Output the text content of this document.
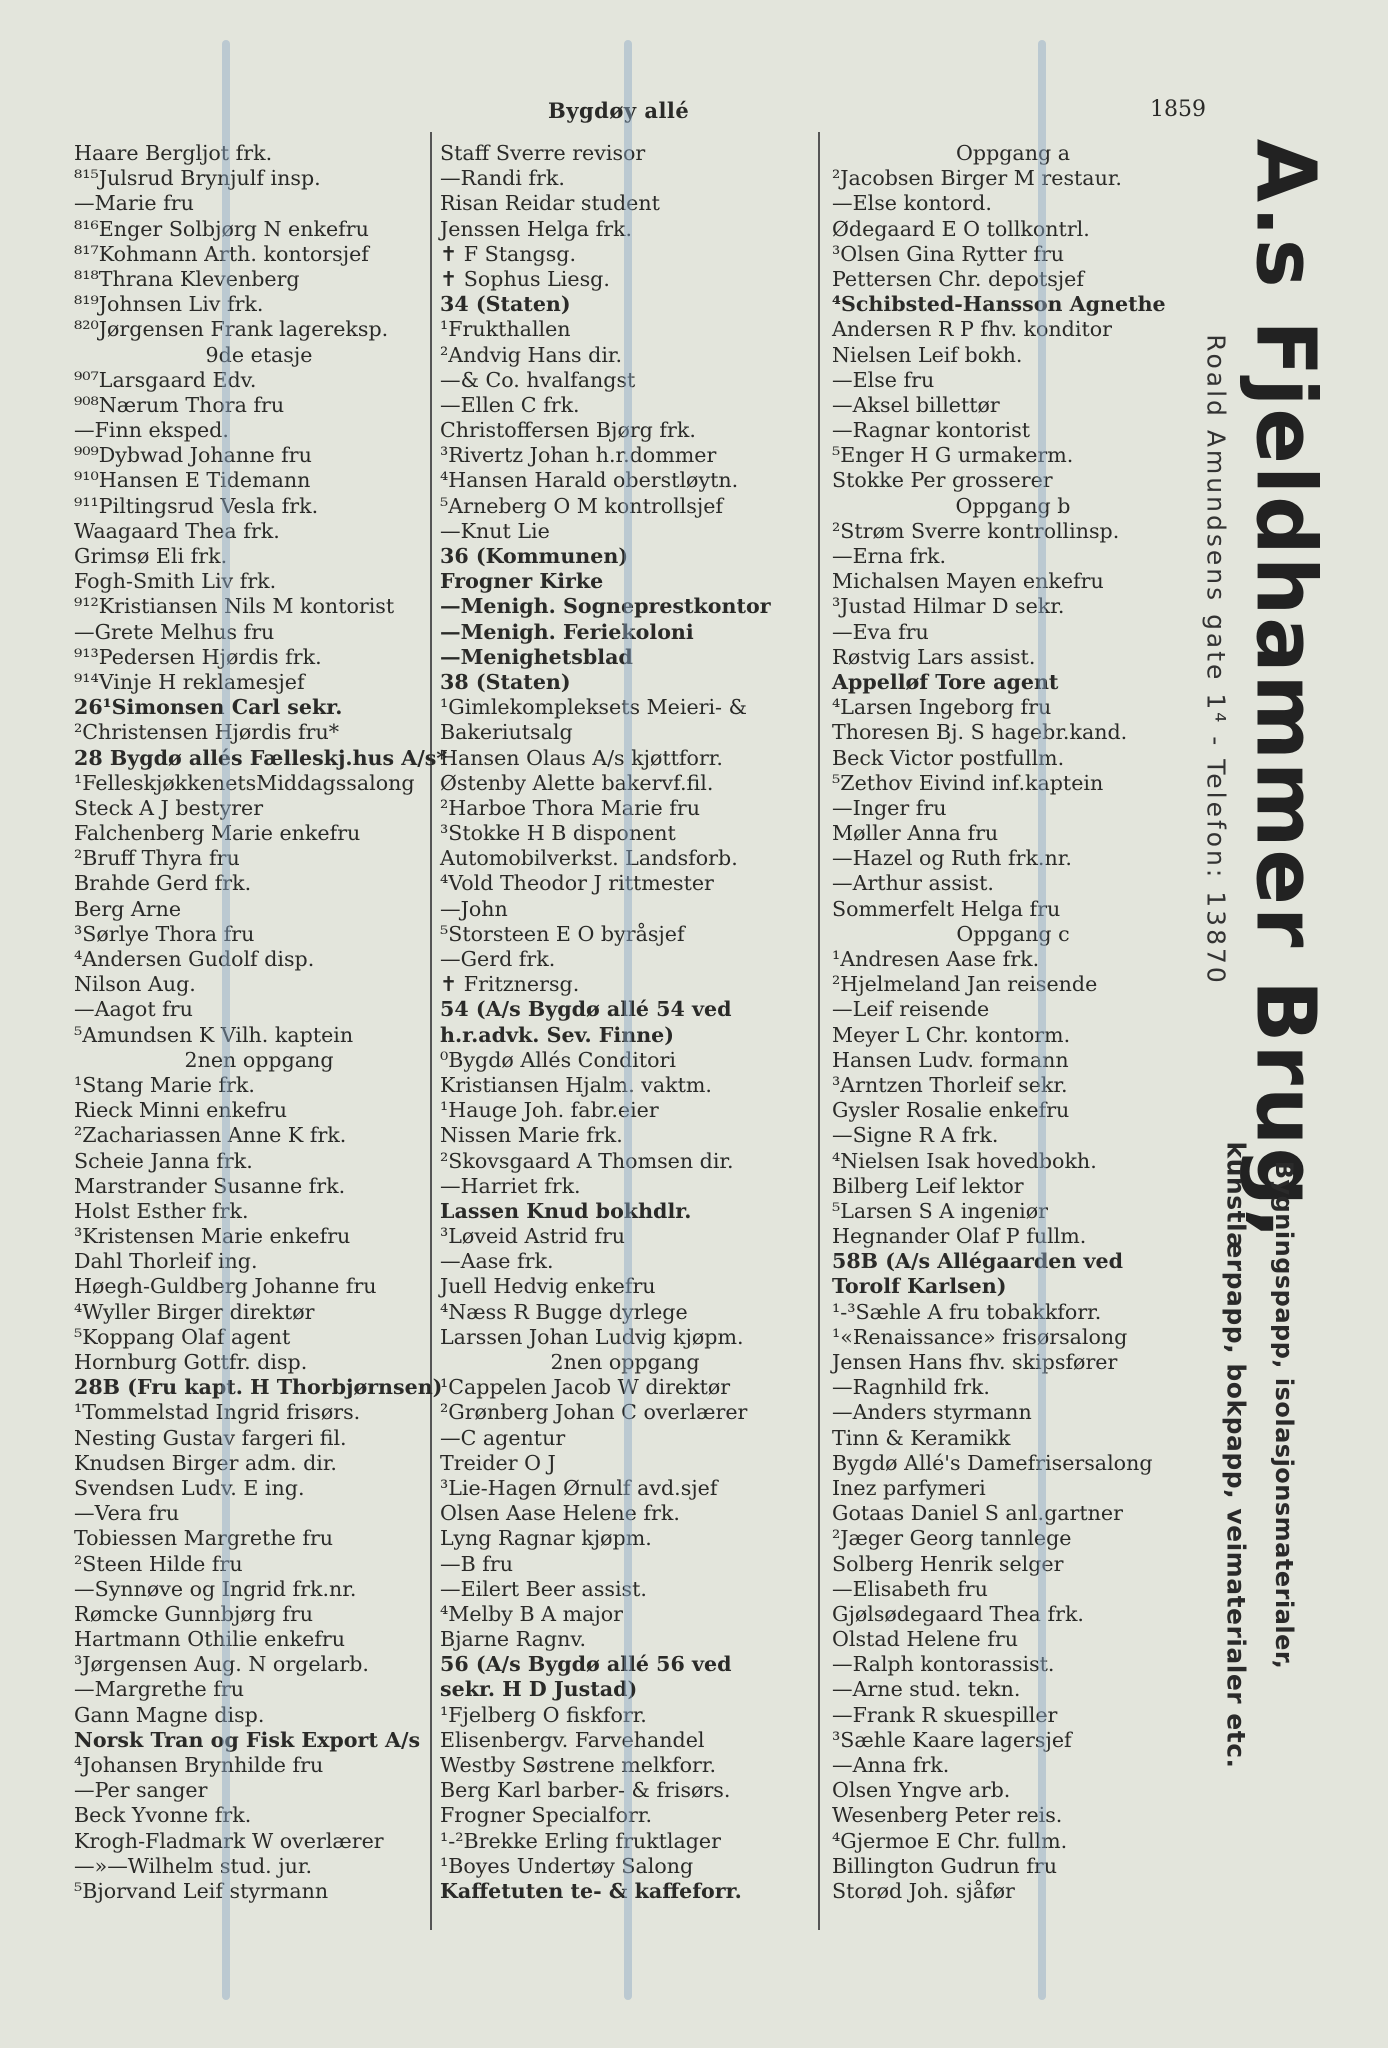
Bygdøy allé	1859
Haare Bergljot frk.
⁸¹⁵Julsrud Brynjulf insp.
—Marie fru
⁸¹⁶Enger Solbjørg N enkefru
⁸¹⁷Kohmann Arth. kontorsjef
⁸¹⁸Thrana Klevenberg
⁸¹⁹Johnsen Liv frk.
⁸²⁰Jørgensen Frank lagereksp.
9de etasje
⁹⁰⁷Larsgaard Edv.
⁹⁰⁸Nærum Thora fru
—Finn eksped.
⁹⁰⁹Dybwad Johanne fru
⁹¹⁰Hansen E Tidemann
⁹¹¹Piltingsrud Vesla frk.
Waagaard Thea frk.
Grimsø Eli frk.
Fogh-Smith Liv frk.
⁹¹²Kristiansen Nils M kontorist
—Grete Melhus fru
⁹¹³Pedersen Hjørdis frk.
⁹¹⁴Vinje H reklamesjef
26¹Simonsen Carl sekr.
²Christensen Hjørdis fru*
28 Bygdø allés Fælleskj.hus A/s*
¹FelleskjøkkenetsMiddagssalong
Steck A J bestyrer
Falchenberg Marie enkefru
²Bruff Thyra fru
Brahde Gerd frk.
Berg Arne
³Sørlye Thora fru
⁴Andersen Gudolf disp.
Nilson Aug.
—Aagot fru
⁵Amundsen K Vilh. kaptein
2nen oppgang
¹Stang Marie frk.
Rieck Minni enkefru
²Zachariassen Anne K frk.
Scheie Janna frk.
Marstrander Susanne frk.
Holst Esther frk.
³Kristensen Marie enkefru
Dahl Thorleif ing.
Høegh-Guldberg Johanne fru
⁴Wyller Birger direktør
⁵Koppang Olaf agent
Hornburg Gottfr. disp.
28B (Fru kapt. H Thorbjørnsen)
¹Tommelstad Ingrid frisørs.
Nesting Gustav fargeri fil.
Knudsen Birger adm. dir.
Svendsen Ludv. E ing.
—Vera fru
Tobiessen Margrethe fru
²Steen Hilde fru
—Synnøve og Ingrid frk.nr.
Rømcke Gunnbjørg fru
Hartmann Othilie enkefru
³Jørgensen Aug. N orgelarb.
—Margrethe fru
Gann Magne disp.
Norsk Tran og Fisk Export A/s
⁴Johansen Brynhilde fru
—Per sanger
Beck Yvonne frk.
Krogh-Fladmark W overlærer
—»—Wilhelm stud. jur.
⁵Bjorvand Leif styrmann
Staff Sverre revisor
—Randi frk.
Risan Reidar student
Jenssen Helga frk.
✝ F Stangsg.
✝ Sophus Liesg.
34 (Staten)
¹Frukthallen
²Andvig Hans dir.
—& Co. hvalfangst
—Ellen C frk.
Christoffersen Bjørg frk.
³Rivertz Johan h.r.dommer
⁴Hansen Harald oberstløytn.
⁵Arneberg O M kontrollsjef
—Knut Lie
36 (Kommunen)
Frogner Kirke
—Menigh. Sogneprestkontor
—Menigh. Feriekoloni
—Menighetsblad
38 (Staten)
¹Gimlekompleksets Meieri- &
Bakeriutsalg
Hansen Olaus A/s kjøttforr.
Østenby Alette bakervf.fil.
²Harboe Thora Marie fru
³Stokke H B disponent
Automobilverkst. Landsforb.
⁴Vold Theodor J rittmester
—John
⁵Storsteen E O byråsjef
—Gerd frk.
✝ Fritznersg.
54 (A/s Bygdø allé 54 ved
h.r.advk. Sev. Finne)
⁰Bygdø Allés Conditori
Kristiansen Hjalm. vaktm.
¹Hauge Joh. fabr.eier
Nissen Marie frk.
²Skovsgaard A Thomsen dir.
—Harriet frk.
Lassen Knud bokhdlr.
³Løveid Astrid fru
—Aase frk.
Juell Hedvig enkefru
⁴Næss R Bugge dyrlege
Larssen Johan Ludvig kjøpm.
2nen oppgang
¹Cappelen Jacob W direktør
²Grønberg Johan C overlærer
—C agentur
Treider O J
³Lie-Hagen Ørnulf avd.sjef
Olsen Aase Helene frk.
Lyng Ragnar kjøpm.
—B fru
—Eilert Beer assist.
⁴Melby B A major
Bjarne Ragnv.
56 (A/s Bygdø allé 56 ved
sekr. H D Justad)
¹Fjelberg O fiskforr.
Elisenbergv. Farvehandel
Westby Søstrene melkforr.
Berg Karl barber- & frisørs.
Frogner Specialforr.
¹‑²Brekke Erling fruktlager
¹Boyes Undertøy Salong
Kaffetuten te- & kaffeforr.
Oppgang a
²Jacobsen Birger M restaur.
—Else kontord.
Ødegaard E O tollkontrl.
³Olsen Gina Rytter fru
Pettersen Chr. depotsjef
⁴Schibsted-Hansson Agnethe
Andersen R P fhv. konditor
Nielsen Leif bokh.
—Else fru
—Aksel billettør
—Ragnar kontorist
⁵Enger H G urmakerm.
Stokke Per grosserer
Oppgang b
²Strøm Sverre kontrollinsp.
—Erna frk.
Michalsen Mayen enkefru
³Justad Hilmar D sekr.
—Eva fru
Røstvig Lars assist.
Appelløf Tore agent
⁴Larsen Ingeborg fru
Thoresen Bj. S hagebr.kand.
Beck Victor postfullm.
⁵Zethov Eivind inf.kaptein
—Inger fru
Møller Anna fru
—Hazel og Ruth frk.nr.
—Arthur assist.
Sommerfelt Helga fru
Oppgang c
¹Andresen Aase frk.
²Hjelmeland Jan reisende
—Leif reisende
Meyer L Chr. kontorm.
Hansen Ludv. formann
³Arntzen Thorleif sekr.
Gysler Rosalie enkefru
—Signe R A frk.
⁴Nielsen Isak hovedbokh.
Bilberg Leif lektor
⁵Larsen S A ingeniør
Hegnander Olaf P fullm.
58B (A/s Allégaarden ved
Torolf Karlsen)
¹‑³Sæhle A fru tobakkforr.
¹«Renaissance» frisørsalong
Jensen Hans fhv. skipsfører
—Ragnhild frk.
—Anders styrmann
Tinn & Keramikk
Bygdø Allé's Damefrisersalong
Inez parfymeri
Gotaas Daniel S anl.gartner
²Jæger Georg tannlege
Solberg Henrik selger
—Elisabeth fru
Gjølsødegaard Thea frk.
Olstad Helene fru
—Ralph kontorassist.
—Arne stud. tekn.
—Frank R skuespiller
³Sæhle Kaare lagersjef
—Anna frk.
Olsen Yngve arb.
Wesenberg Peter reis.
⁴Gjermoe E Chr. fullm.
Billington Gudrun fru
Storød Joh. sjåfør
A.s Fjeldhammer Brug,
Roald Amundsens gate 1⁴ - Telefon: 13870
Bygningspapp, isolasjonsmaterialer,
kunstlærpapp, bokpapp, veimaterialer etc.
